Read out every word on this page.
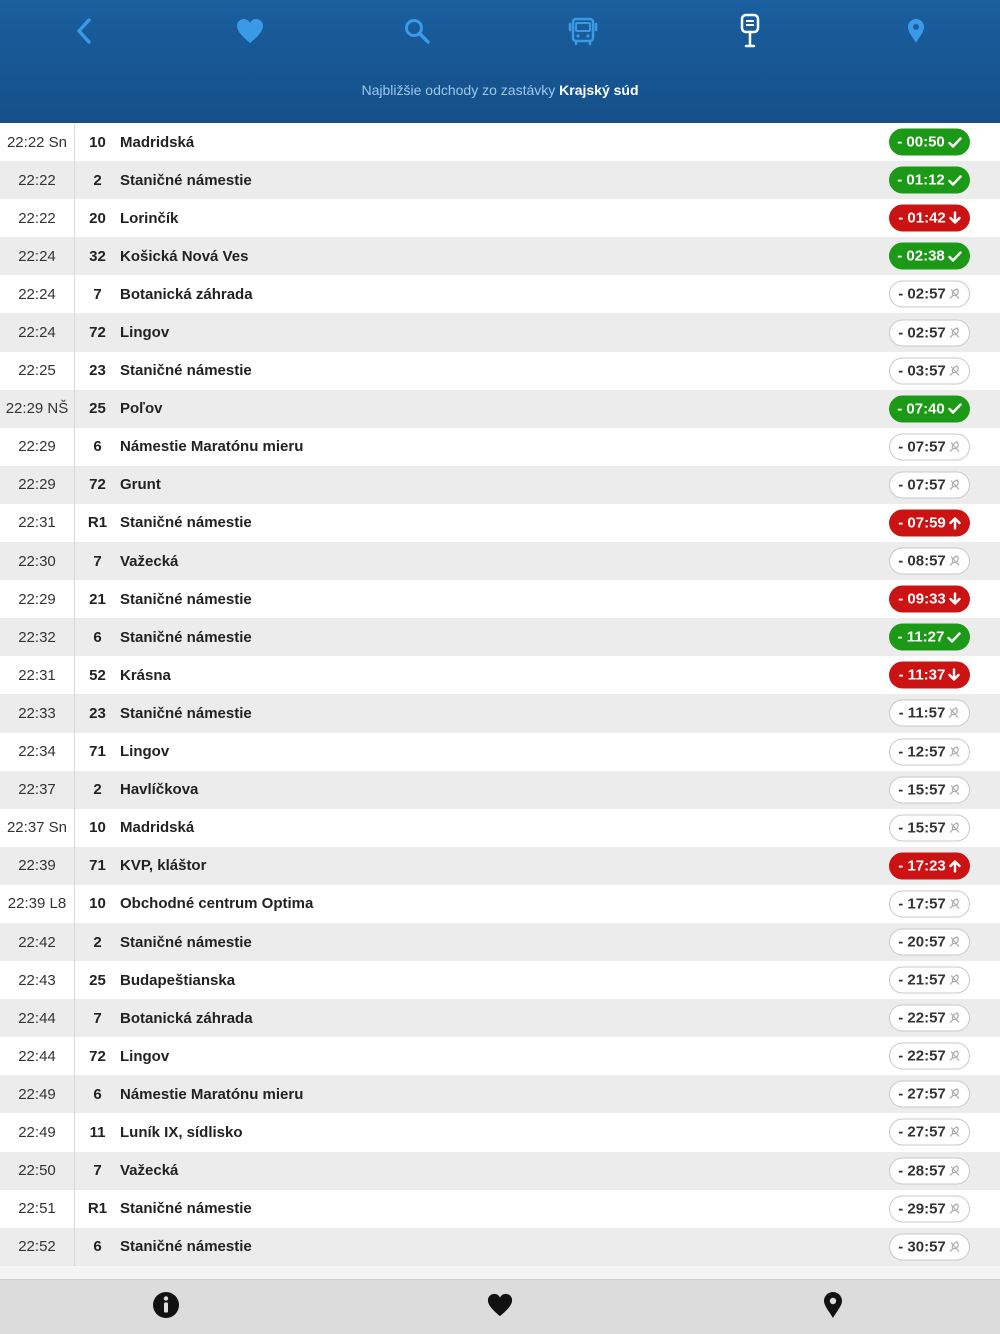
Najbližšie odchody zo zastávky Krajský súd
22:22 Sn	10 Madridská	- 00:50
22:22	2	Staničné námestie	- 01:12
22:22	20 Lorinčík	- 01:42
22:24	32 Košická Nová Ves	- 02:38
22:24	7	Botanická záhrada	- 02:57
22:24	72 Lingov	- 02:57
22:25	23 Staničné námestie	- 03:57
22:29 NŠ	25 Poľov	- 07:40
22:29	6	Námestie Maratónu mieru	- 07:57
22:29	72 Grunt	- 07:57
22:31	R1 Staničné námestie	- 07:59
22:30	7	Važecká	- 08:57
22:29	21 Staničné námestie	- 09:33
22:32	6	Staničné námestie	- 11:27
22:31	52 Krásna	- 11:37
22:33	23 Staničné námestie	- 11:57
22:34	71 Lingov	- 12:57
22:37	2	Havlíčkova	- 15:57
22:37 Sn	10 Madridská	- 15:57
22:39	71 KVP, kláštor	- 17:23
22:39 L8	10 Obchodné centrum Optima	- 17:57
22:42	2	Staničné námestie	- 20:57
22:43	25 Budapeštianska	- 21:57
22:44	7	Botanická záhrada	- 22:57
22:44	72 Lingov	- 22:57
22:49	6	Námestie Maratónu mieru	- 27:57
22:49	11 Luník IX, sídlisko	- 27:57
22:50	7	Važecká	- 28:57
22:51	R1 Staničné námestie	- 29:57
22:52	6	Staničné námestie	- 30:57
